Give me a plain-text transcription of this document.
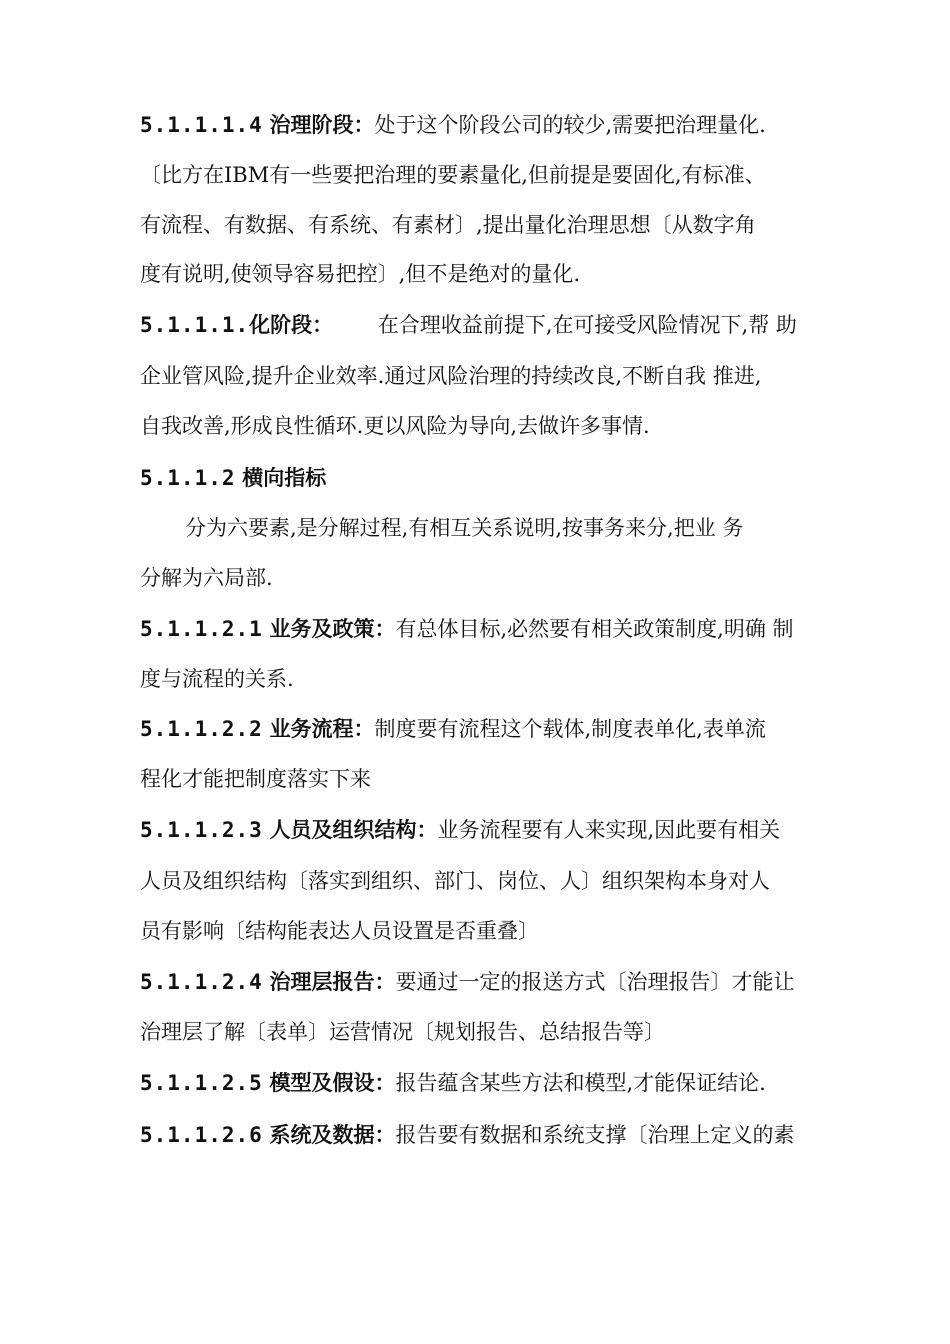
5.1.1.1.4 治理阶段：处于这个阶段公司的较少,需要把治理量化.
〔比方在IBM有一些要把治理的要素量化,但前提是要固化,有标准、
有流程、有数据、有系统、有素材〕,提出量化治理思想〔从数字角
度有说明,使领导容易把控〕,但不是绝对的量化.
5.1.1.1.化阶段： 在合理收益前提下,在可接受风险情况下,帮 助
企业管风险,提升企业效率.通过风险治理的持续改良,不断自我 推进,
自我改善,形成良性循环.更以风险为导向,去做许多事情.
5.1.1.2 横向指标
分为六要素,是分解过程,有相互关系说明,按事务来分,把业 务
分解为六局部.
5.1.1.2.1 业务及政策：有总体目标,必然要有相关政策制度,明确 制
度与流程的关系.
5.1.1.2.2 业务流程：制度要有流程这个载体,制度表单化,表单流
程化才能把制度落实下来
5.1.1.2.3 人员及组织结构：业务流程要有人来实现,因此要有相关
人员及组织结构〔落实到组织、部门、岗位、人〕组织架构本身对人
员有影响〔结构能表达人员设置是否重叠〕
5.1.1.2.4 治理层报告：要通过一定的报送方式〔治理报告〕才能让
治理层了解〔表单〕运营情况〔规划报告、总结报告等〕
5.1.1.2.5 模型及假设：报告蕴含某些方法和模型,才能保证结论.
5.1.1.2.6 系统及数据：报告要有数据和系统支撑〔治理上定义的素
